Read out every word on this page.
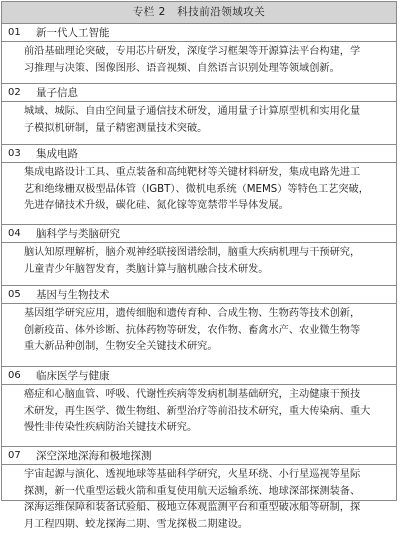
专栏 2   科技前沿领域攻关
01	新一代人工智能
前沿基础理论突破，专用芯片研发，深度学习框架等开源算法平台构建，学
习推理与决策、图像图形、语音视频、自然语言识别处理等领域创新。
02	量子信息
城域、城际、自由空间量子通信技术研发，通用量子计算原型机和实用化量
子模拟机研制，量子精密测量技术突破。
03	集成电路
集成电路设计工具、重点装备和高纯靶材等关键材料研发，集成电路先进工
艺和绝缘栅双极型晶体管（IGBT）、微机电系统（MEMS）等特色工艺突破，
先进存储技术升级，碳化硅、氮化镓等宽禁带半导体发展。
04	脑科学与类脑研究
脑认知原理解析，脑介观神经联接图谱绘制，脑重大疾病机理与干预研究，
儿童青少年脑智发育，类脑计算与脑机融合技术研发。
05	基因与生物技术
基因组学研究应用，遗传细胞和遗传育种、合成生物、生物药等技术创新，
创新疫苗、体外诊断、抗体药物等研发，农作物、畜禽水产、农业微生物等
重大新品种创制，生物安全关键技术研究。
06	临床医学与健康
癌症和心脑血管、呼吸、代谢性疾病等发病机制基础研究，主动健康干预技
术研发，再生医学、微生物组、新型治疗等前沿技术研究，重大传染病、重大
慢性非传染性疾病防治关键技术研究。
07	深空深地深海和极地探测
宇宙起源与演化、透视地球等基础科学研究，火星环绕、小行星巡视等星际
探测，新一代重型运载火箭和重复使用航天运输系统、地球深部探测装备、
深海运维保障和装备试验船、极地立体观监测平台和重型破冰船等研制，探
月工程四期、蛟龙探海二期、雪龙探极二期建设。
